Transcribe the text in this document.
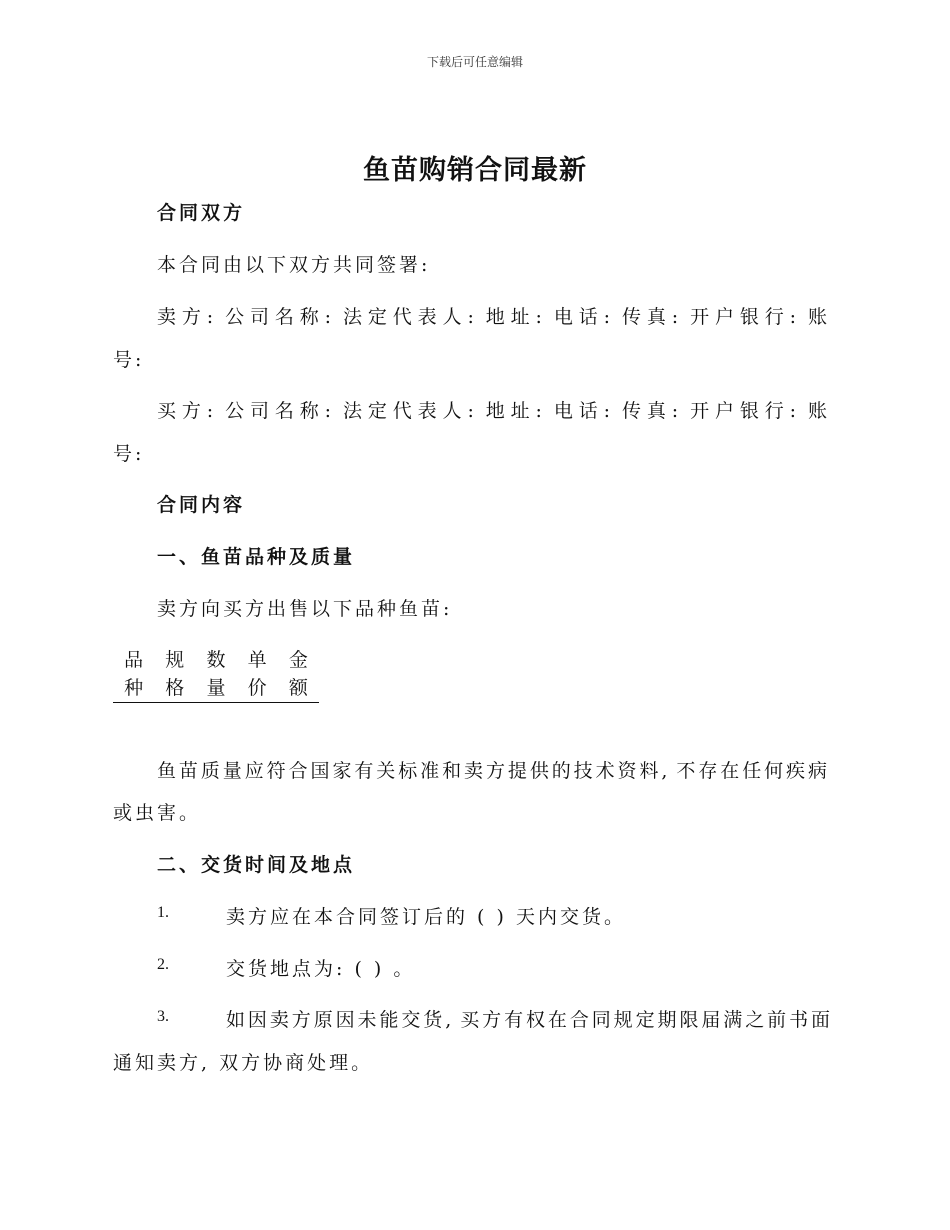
下载后可任意编辑
鱼苗购销合同最新
合同双方
本合同由以下双方共同签署:
卖方: 公司名称: 法定代表人: 地址: 电话: 传真: 开户银行: 账
号:
买方: 公司名称: 法定代表人: 地址: 电话: 传真: 开户银行: 账
号:
合同内容
一、鱼苗品种及质量
卖方向买方出售以下品种鱼苗:
品	规	数	单	金
种	格	量	价	额
鱼苗质量应符合国家有关标准和卖方提供的技术资料, 不存在任何疾病
或虫害。
二、交货时间及地点
1.	卖方应在本合同签订后的 ( ) 天内交货。
2.	交货地点为: ( ) 。
3.	如因卖方原因未能交货, 买方有权在合同规定期限届满之前书面
通知卖方, 双方协商处理。
